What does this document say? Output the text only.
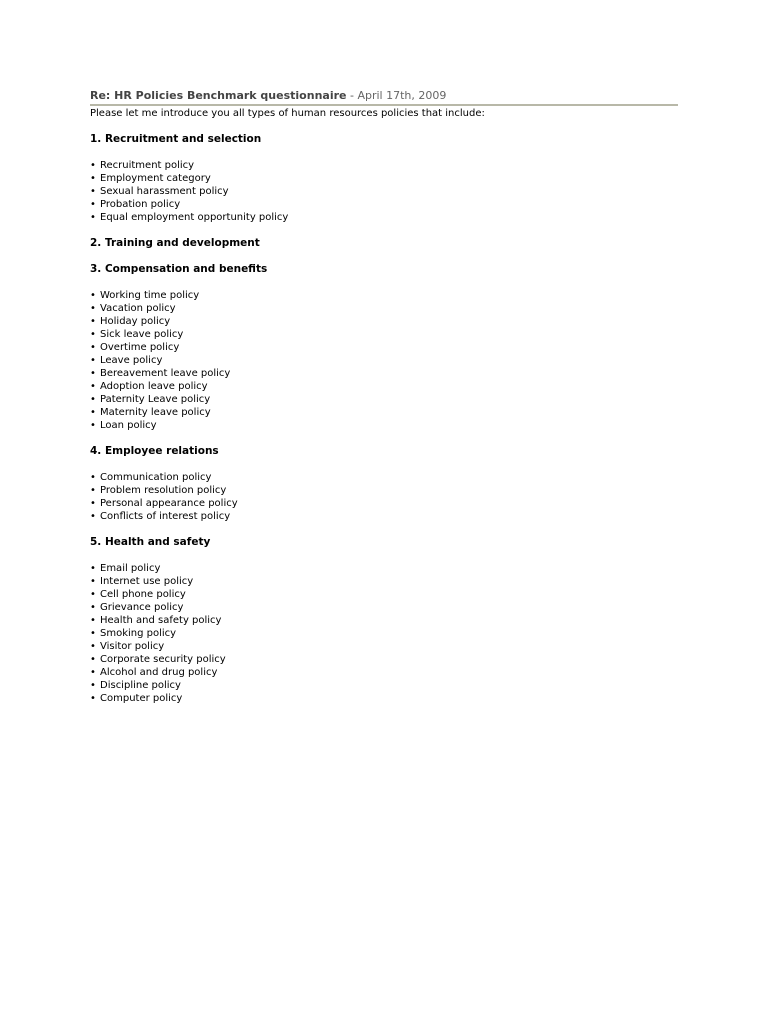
Re: HR Policies Benchmark questionnaire - April 17th, 2009
Please let me introduce you all types of human resources policies that include:
1. Recruitment and selection
• Recruitment policy
• Employment category
• Sexual harassment policy
• Probation policy
• Equal employment opportunity policy
2. Training and development
3. Compensation and benefits
• Working time policy
• Vacation policy
• Holiday policy
• Sick leave policy
• Overtime policy
• Leave policy
• Bereavement leave policy
• Adoption leave policy
• Paternity Leave policy
• Maternity leave policy
• Loan policy
4. Employee relations
• Communication policy
• Problem resolution policy
• Personal appearance policy
• Conflicts of interest policy
5. Health and safety
• Email policy
• Internet use policy
• Cell phone policy
• Grievance policy
• Health and safety policy
• Smoking policy
• Visitor policy
• Corporate security policy
• Alcohol and drug policy
• Discipline policy
• Computer policy
